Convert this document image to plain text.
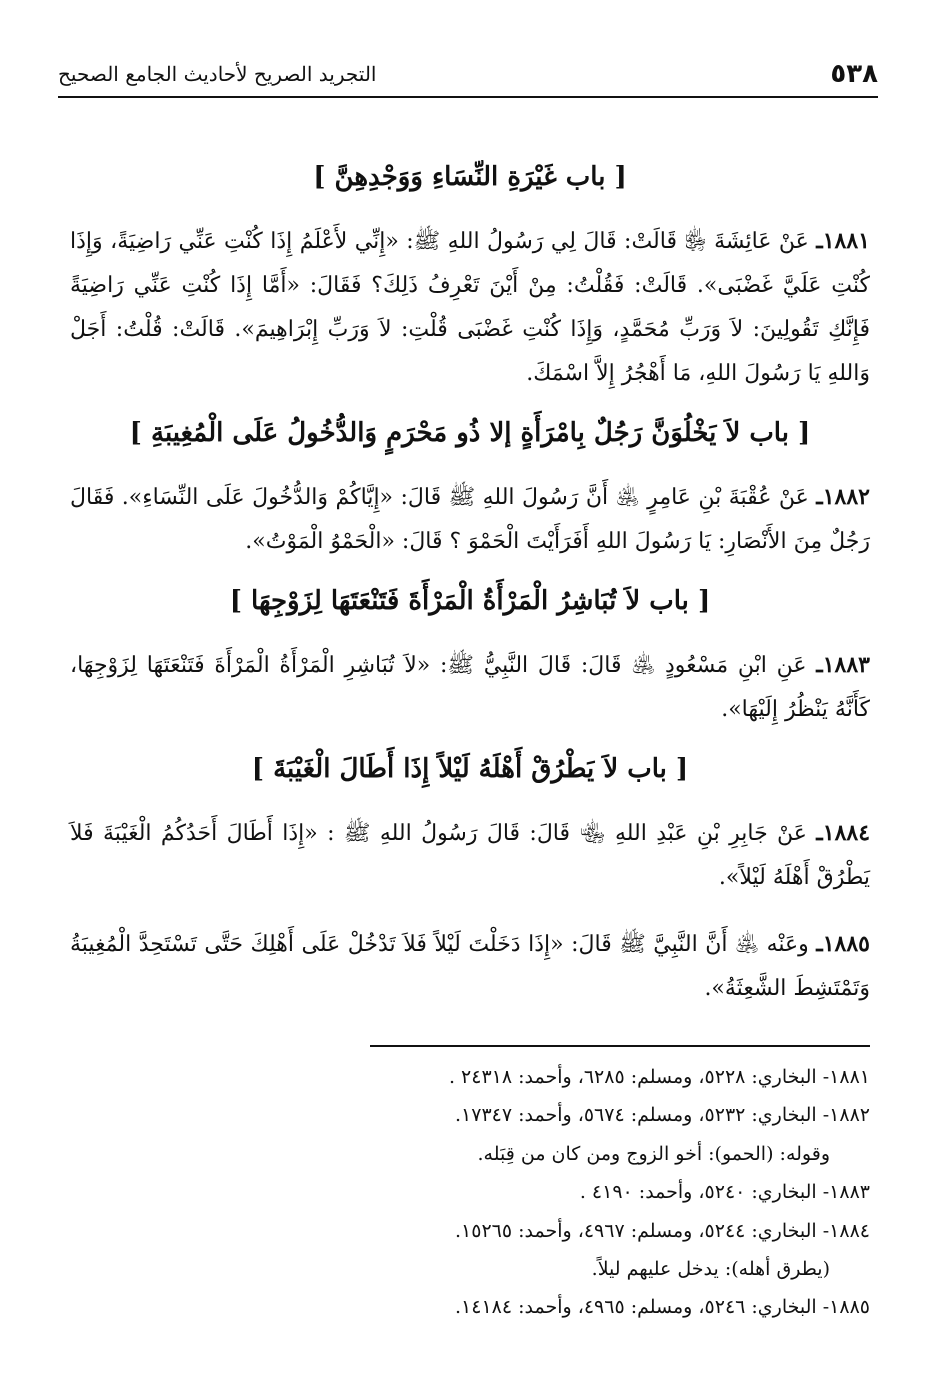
٥٣٨
التجريد الصريح لأحاديث الجامع الصحيح
[ باب غَيْرَةِ النِّسَاءِ وَوَجْدِهِنَّ ]

١٨٨١ـ عَنْ عَائِشَةَ ﵂ قَالَتْ: قَالَ لِي رَسُولُ اللهِ ﷺ: «إِنِّي لأَعْلَمُ إِذَا كُنْتِ عَنِّي رَاضِيَةً، وَإِذَا كُنْتِ عَلَيَّ غَضْبَى». قَالَتْ: فَقُلْتُ: مِنْ أَيْنَ تَعْرِفُ ذَلِكَ؟ فَقَالَ: «أَمَّا إِذَا كُنْتِ عَنِّي رَاضِيَةً فَإِنَّكِ تَقُولِينَ: لاَ وَرَبِّ مُحَمَّدٍ، وَإِذَا كُنْتِ غَضْبَى قُلْتِ: لاَ وَرَبِّ إِبْرَاهِيمَ». قَالَتْ: قُلْتُ: أَجَلْ وَاللهِ يَا رَسُولَ اللهِ، مَا أَهْجُرُ إِلاَّ اسْمَكَ.

[ باب لاَ يَخْلُوَنَّ رَجُلٌ بِامْرَأَةٍ إلا ذُو مَحْرَمٍ وَالدُّخُولُ عَلَى الْمُغِيبَةِ ]

١٨٨٢ـ عَنْ عُقْبَةَ بْنِ عَامِرٍ ﵁ أَنَّ رَسُولَ اللهِ ﷺ قَالَ: «إِيَّاكُمْ وَالدُّخُولَ عَلَى النِّسَاءِ». فَقَالَ رَجُلٌ مِنَ الأَنْصَارِ: يَا رَسُولَ اللهِ أَفَرَأَيْتَ الْحَمْوَ ؟ قَالَ: «الْحَمْوُ الْمَوْتُ».

[ باب لاَ تُبَاشِرُ الْمَرْأَةُ الْمَرْأَةَ فَتَنْعَتَهَا لِزَوْجِهَا ]

١٨٨٣ـ عَنِ ابْنِ مَسْعُودٍ ﵁ قَالَ: قَالَ النَّبِيُّ ﷺ: «لاَ تُبَاشِرِ الْمَرْأَةُ الْمَرْأَةَ فَتَنْعَتَهَا لِزَوْجِهَا، كَأَنَّهُ يَنْظُرُ إِلَيْهَا».

[ باب لاَ يَطْرُقْ أَهْلَهُ لَيْلاً إِذَا أَطَالَ الْغَيْبَةَ ]

١٨٨٤ـ عَنْ جَابِرِ بْنِ عَبْدِ اللهِ ﵄ قَالَ: قَالَ رَسُولُ اللهِ ﷺ : «إِذَا أَطَالَ أَحَدُكُمُ الْغَيْبَةَ فَلاَ يَطْرُقْ أَهْلَهُ لَيْلاً».

١٨٨٥ـ وعَنْه ﵁ أَنَّ النَّبِيَّ ﷺ قَالَ: «إِذَا دَخَلْتَ لَيْلاً فَلاَ تَدْخُلْ عَلَى أَهْلِكَ حَتَّى تَسْتَحِدَّ الْمُغِيبَةُ وَتَمْتَشِطَ الشَّعِثَةُ».

١٨٨١- البخاري: ٥٢٢٨، ومسلم: ٦٢٨٥، وأحمد: ٢٤٣١٨ .
١٨٨٢- البخاري: ٥٢٣٢، ومسلم: ٥٦٧٤، وأحمد: ١٧٣٤٧.
وقوله: (الحمو): أخو الزوج ومن كان من قِبَله.
١٨٨٣- البخاري: ٥٢٤٠، وأحمد: ٤١٩٠ .
١٨٨٤- البخاري: ٥٢٤٤، ومسلم: ٤٩٦٧، وأحمد: ١٥٢٦٥.
(يطرق أهله): يدخل عليهم ليلاً.
١٨٨٥- البخاري: ٥٢٤٦، ومسلم: ٤٩٦٥، وأحمد: ١٤١٨٤.
